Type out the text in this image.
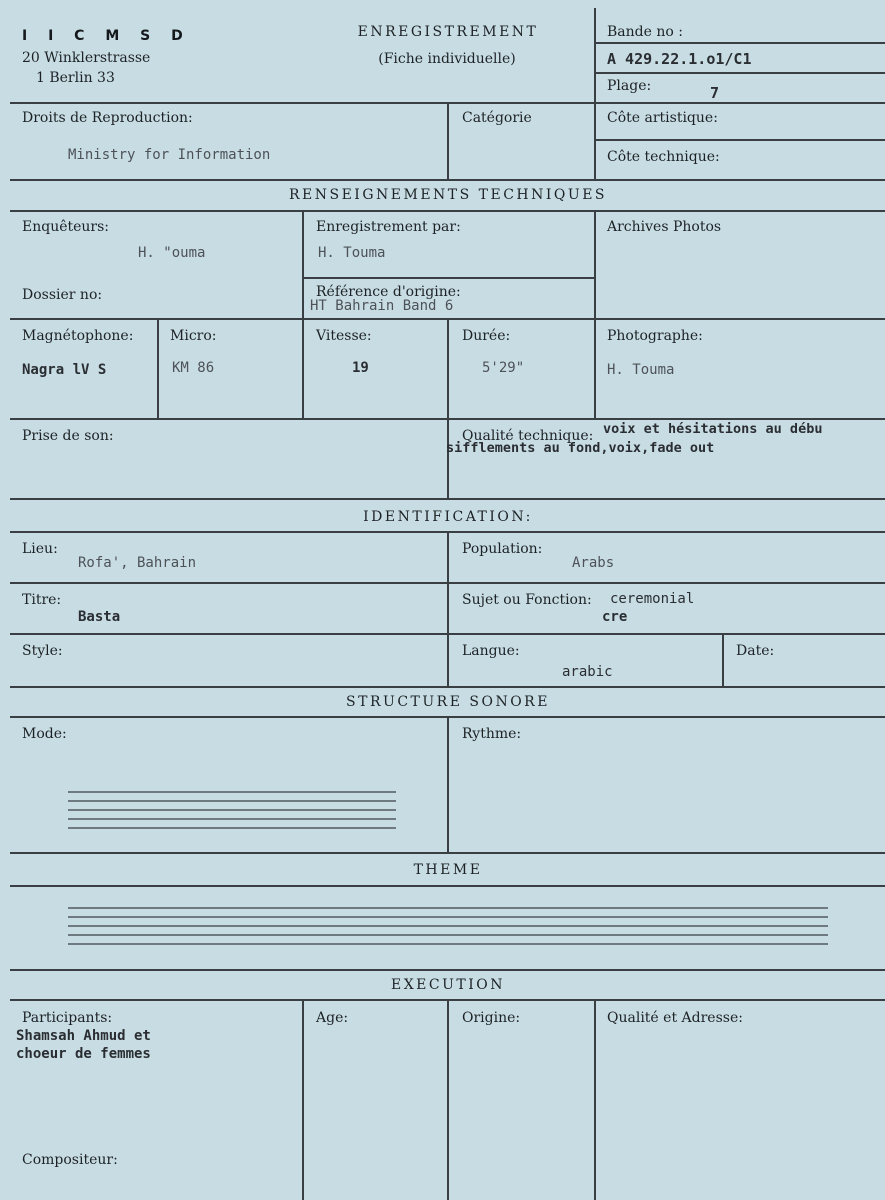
I I C M S D
20 Winklerstrasse
1 Berlin 33
ENREGISTREMENT
(Fiche individuelle)
Bande no :
A 429.22.1.o1/C1
Plage:	7
Droits de Reproduction:
Ministry for Information
Catégorie	Côte artistique:
Côte technique:
RENSEIGNEMENTS TECHNIQUES
Enquêteurs:
H. "ouma
Enregistrement par:
H. Touma
Archives Photos
Dossier no:	Référence d'origine:
HT Bahrain Band 6
Magnétophone:
Nagra lV S
Micro:
KM 86
Vitesse:
19
Durée:
5'29"
Photographe:
H. Touma
Prise de son:	Qualité technique: voix et hésitations au débu
sifflements au fond,voix,fade out
IDENTIFICATION:
Lieu:
Rofa', Bahrain
Population:
Arabs
Titre:
Basta
Sujet ou Fonction: ceremonial
cre
Style:	Langue:
arabic
Date:
STRUCTURE SONORE
Mode:	Rythme:
THEME
EXECUTION
Participants:
Shamsah Ahmud et
choeur de femmes
Age:	Origine:	Qualité et Adresse:
Compositeur:
